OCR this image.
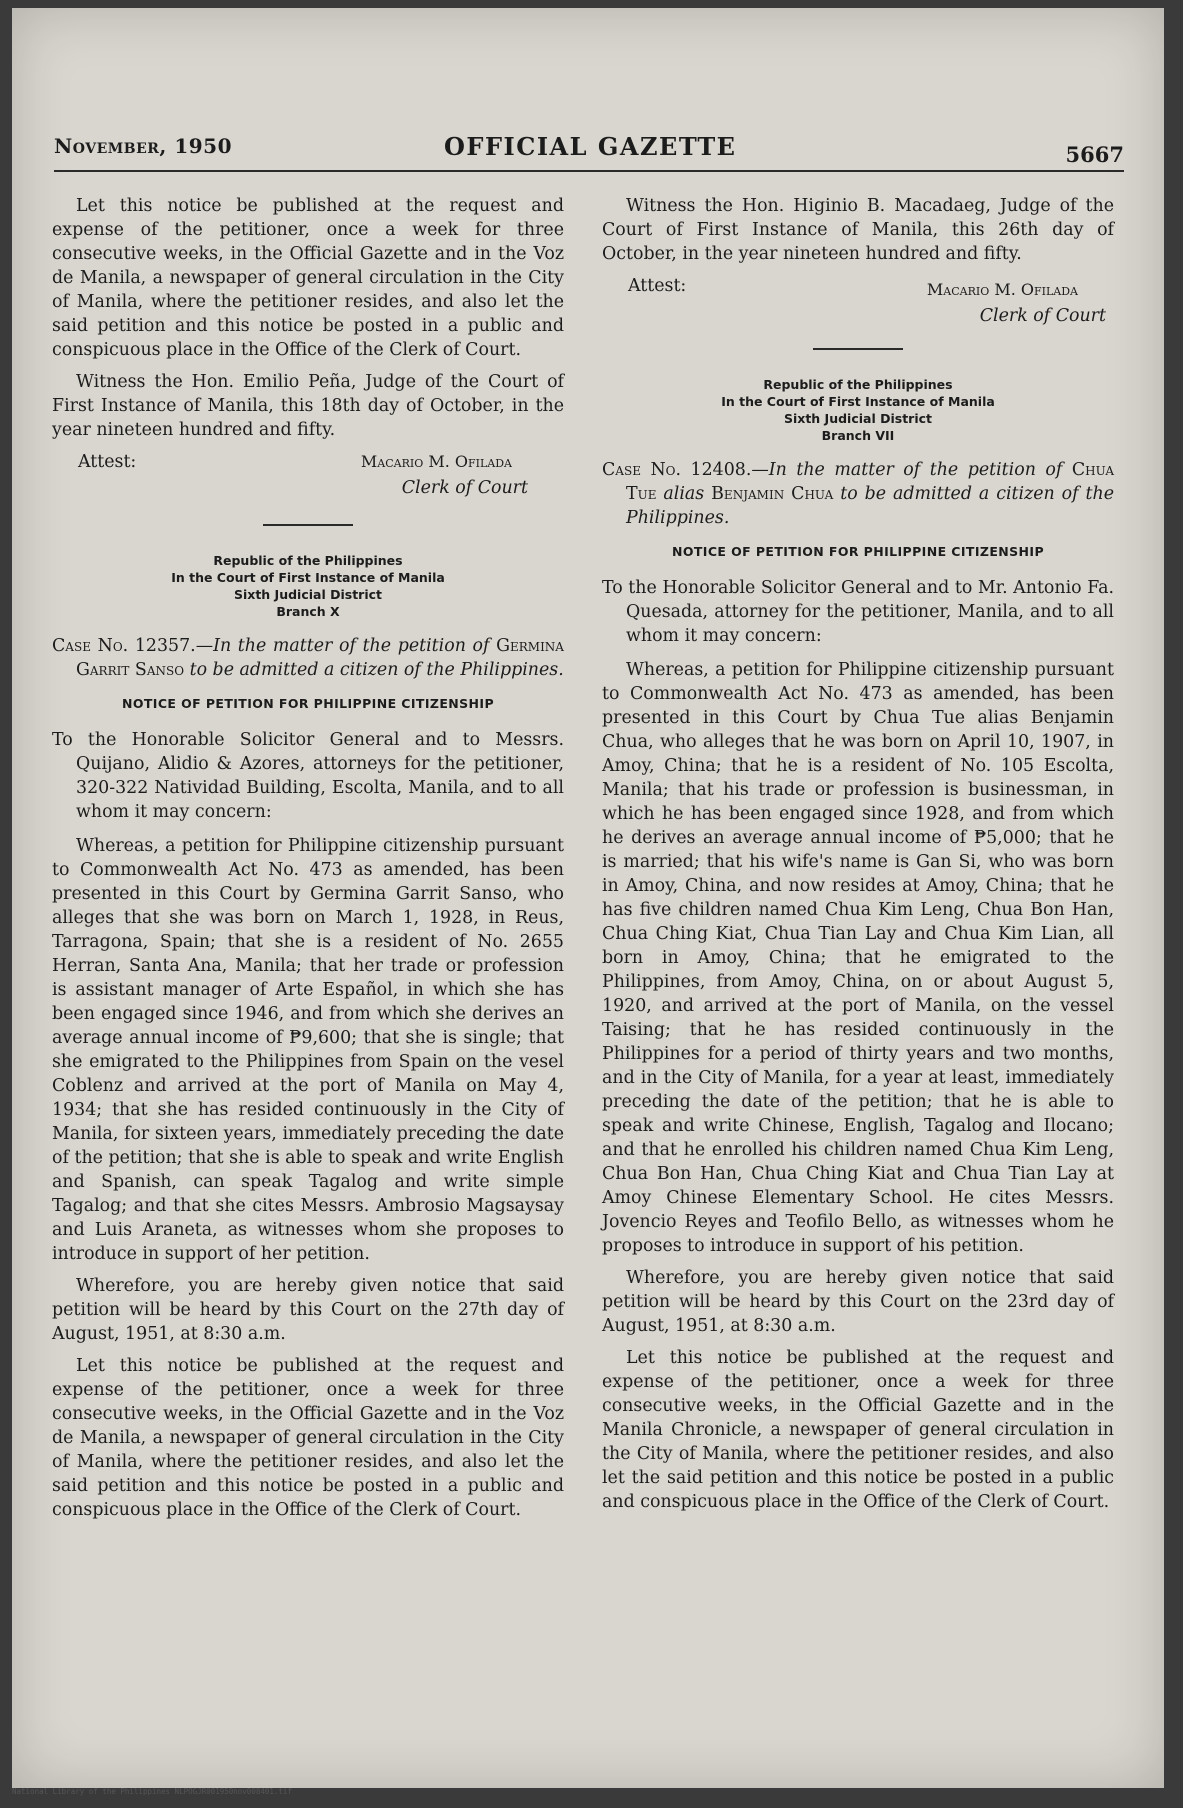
November, 1950	OFFICIAL GAZETTE	5667

Let this notice be published at the request and expense of the petitioner, once a week for three consecutive weeks, in the Official Gazette and in the Voz de Manila, a newspaper of general circulation in the City of Manila, where the petitioner resides, and also let the said petition and this notice be posted in a public and conspicuous place in the Office of the Clerk of Court.

Witness the Hon. Emilio Peña, Judge of the Court of First Instance of Manila, this 18th day of October, in the year nineteen hundred and fifty.

Attest:	Macario M. Ofilada
Clerk of Court
Republic of the Philippines
In the Court of First Instance of Manila
Sixth Judicial District
Branch X

Case No. 12357.—In the matter of the petition of Germina Garrit Sanso to be admitted a citizen of the Philippines.

NOTICE OF PETITION FOR PHILIPPINE CITIZENSHIP

To the Honorable Solicitor General and to Messrs. Quijano, Alidio & Azores, attorneys for the petitioner, 320-322 Natividad Building, Escolta, Manila, and to all whom it may concern:

Whereas, a petition for Philippine citizenship pursuant to Commonwealth Act No. 473 as amended, has been presented in this Court by Germina Garrit Sanso, who alleges that she was born on March 1, 1928, in Reus, Tarragona, Spain; that she is a resident of No. 2655 Herran, Santa Ana, Manila; that her trade or profession is assistant manager of Arte Español, in which she has been engaged since 1946, and from which she derives an average annual income of ₱9,600; that she is single; that she emigrated to the Philippines from Spain on the vesel Coblenz and arrived at the port of Manila on May 4, 1934; that she has resided continuously in the City of Manila, for sixteen years, immediately preceding the date of the petition; that she is able to speak and write English and Spanish, can speak Tagalog and write simple Tagalog; and that she cites Messrs. Ambrosio Magsaysay and Luis Araneta, as witnesses whom she proposes to introduce in support of her petition.

Wherefore, you are hereby given notice that said petition will be heard by this Court on the 27th day of August, 1951, at 8:30 a.m.

Let this notice be published at the request and expense of the petitioner, once a week for three consecutive weeks, in the Official Gazette and in the Voz de Manila, a newspaper of general circulation in the City of Manila, where the petitioner resides, and also let the said petition and this notice be posted in a public and conspicuous place in the Office of the Clerk of Court.

Witness the Hon. Higinio B. Macadaeg, Judge of the Court of First Instance of Manila, this 26th day of October, in the year nineteen hundred and fifty.

Attest:	Macario M. Ofilada
Clerk of Court
Republic of the Philippines
In the Court of First Instance of Manila
Sixth Judicial District
Branch VII

Case No. 12408.—In the matter of the petition of Chua Tue alias Benjamin Chua to be admitted a citizen of the Philippines.

NOTICE OF PETITION FOR PHILIPPINE CITIZENSHIP

To the Honorable Solicitor General and to Mr. Antonio Fa. Quesada, attorney for the petitioner, Manila, and to all whom it may concern:

Whereas, a petition for Philippine citizenship pursuant to Commonwealth Act No. 473 as amended, has been presented in this Court by Chua Tue alias Benjamin Chua, who alleges that he was born on April 10, 1907, in Amoy, China; that he is a resident of No. 105 Escolta, Manila; that his trade or profession is businessman, in which he has been engaged since 1928, and from which he derives an average annual income of ₱5,000; that he is married; that his wife's name is Gan Si, who was born in Amoy, China, and now resides at Amoy, China; that he has five children named Chua Kim Leng, Chua Bon Han, Chua Ching Kiat, Chua Tian Lay and Chua Kim Lian, all born in Amoy, China; that he emigrated to the Philippines, from Amoy, China, on or about August 5, 1920, and arrived at the port of Manila, on the vessel Taising; that he has resided continuously in the Philippines for a period of thirty years and two months, and in the City of Manila, for a year at least, immediately preceding the date of the petition; that he is able to speak and write Chinese, English, Tagalog and Ilocano; and that he enrolled his children named Chua Kim Leng, Chua Bon Han, Chua Ching Kiat and Chua Tian Lay at Amoy Chinese Elementary School. He cites Messrs. Jovencio Reyes and Teofilo Bello, as witnesses whom he proposes to introduce in support of his petition.

Wherefore, you are hereby given notice that said petition will be heard by this Court on the 23rd day of August, 1951, at 8:30 a.m.

Let this notice be published at the request and expense of the petitioner, once a week for three consecutive weeks, in the Official Gazette and in the Manila Chronicle, a newspaper of general circulation in the City of Manila, where the petitioner resides, and also let the said petition and this notice be posted in a public and conspicuous place in the Office of the Clerk of Court.

National Library of the Philippines NLPOGJR001950nov008401.tif
